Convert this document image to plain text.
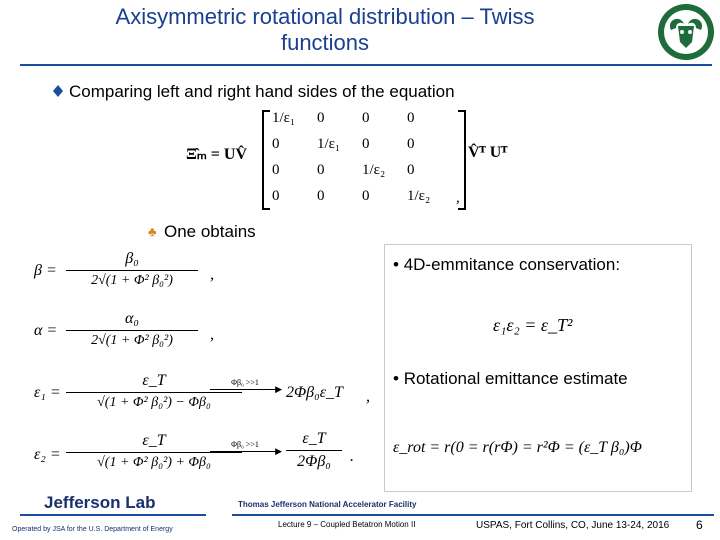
Axisymmetric rotational distribution – Twiss
functions
Comparing left and right hand sides of the equation
Ξ̂ₘ = UV̂
1/ε₁	0	0	0
0	1/ε₁	0	0
0	0	1/ε₂	0
0	0	0	1/ε₂	,
V̂ᵀ Uᵀ
♣ One obtains
$\beta = \frac{\text{β₀}}{\text{2√(1 + Φ² β₀²)}}$ ,
$\alpha = \frac{\text{α₀}}{\text{2√(1 + Φ² β₀²)}}$ ,
$\varepsilon_1 = \frac{\varepsilon\_T}{\text{√(1 + Φ² β₀²) − Φβ₀}}$
Φβ₀ >>1
▶ 2Φβ₀ε_T ,
$\varepsilon_2 = \frac{\varepsilon\_T}{\text{√(1 + Φ² β₀²) + Φβ₀}}$
Φβ₀ >>1
▶ $\frac{\varepsilon\_T}{\text{2Φβ₀}}$ .
• 4D-emmitance conservation:
ε₁ε₂ = ε_T²
• Rotational emittance estimate
ε_rot = r(0 = r(rΦ) = r²Φ = (ε_T β₀)Φ
Jefferson Lab	Thomas Jefferson National Accelerator Facility
Operated by JSA for the U.S. Department of Energy
Lecture 9 – Coupled Betatron Motion II	USPAS, Fort Collins, CO, June 13-24, 2016 6
